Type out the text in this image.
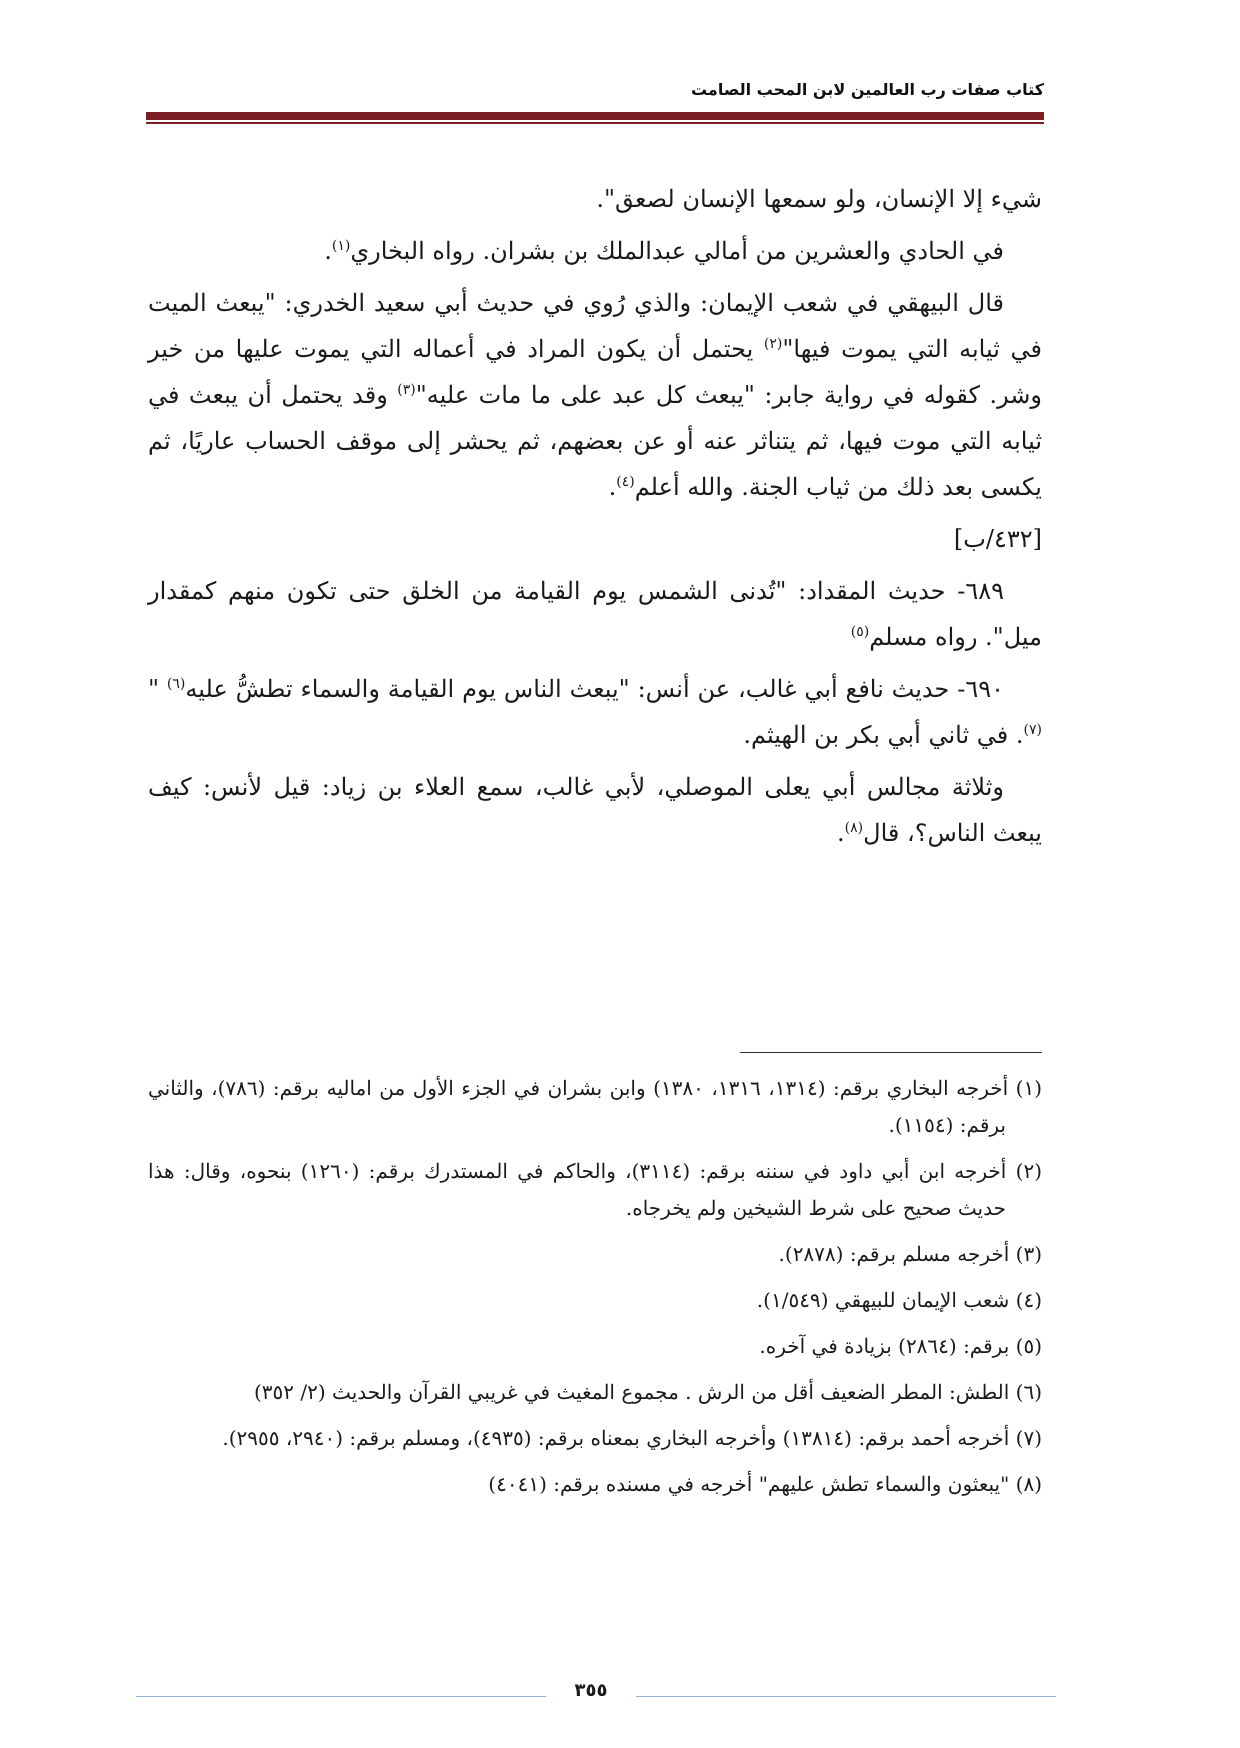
كتاب صفات رب العالمين لابن المحب الصامت

شيء إلا الإنسان، ولو سمعها الإنسان لصعق".

في الحادي والعشرين من أمالي عبدالملك بن بشران. رواه البخاري$^{(١)}$.

قال البيهقي في شعب الإيمان: والذي رُوي في حديث أبي سعيد الخدري: "يبعث الميت في ثيابه التي يموت فيها"$^{(٢)}$ يحتمل أن يكون المراد في أعماله التي يموت عليها من خير وشر. كقوله في رواية جابر: "يبعث كل عبد على ما مات عليه"$^{(٣)}$ وقد يحتمل أن يبعث في ثيابه التي موت فيها، ثم يتناثر عنه أو عن بعضهم، ثم يحشر إلى موقف الحساب عاريًا، ثم يكسى بعد ذلك من ثياب الجنة. والله أعلم$^{(٤)}$.

[٤٣٢/ب]

٦٨٩- حديث المقداد: "تُدنى الشمس يوم القيامة من الخلق حتى تكون منهم كمقدار ميل". رواه مسلم$^{(٥)}$

٦٩٠- حديث نافع أبي غالب، عن أنس: "يبعث الناس يوم القيامة والسماء تطشُّ عليه$^{(٦)}$ "$^{(٧)}$. في ثاني أبي بكر بن الهيثم.

وثلاثة مجالس أبي يعلى الموصلي، لأبي غالب، سمع العلاء بن زياد: قيل لأنس: كيف يبعث الناس؟، قال$^{(٨)}$.

(١) أخرجه البخاري برقم: (١٣١٤، ١٣١٦، ١٣٨٠) وابن بشران في الجزء الأول من اماليه برقم: (٧٨٦)، والثاني برقم: (١١٥٤).

(٢) أخرجه ابن أبي داود في سننه برقم: (٣١١٤)، والحاكم في المستدرك برقم: (١٢٦٠) بنحوه، وقال: هذا حديث صحيح على شرط الشيخين ولم يخرجاه.

(٣) أخرجه مسلم برقم: (٢٨٧٨).

(٤) شعب الإيمان للبيهقي (١/٥٤٩).

(٥) برقم: (٢٨٦٤) بزيادة في آخره.

(٦) الطش: المطر الضعيف أقل من الرش . مجموع المغيث في غريبي القرآن والحديث (٢/ ٣٥٢)

(٧) أخرجه أحمد برقم: (١٣٨١٤) وأخرجه البخاري بمعناه برقم: (٤٩٣٥)، ومسلم برقم: (٢٩٤٠، ٢٩٥٥).

(٨) "يبعثون والسماء تطش عليهم" أخرجه في مسنده برقم: (٤٠٤١)

٣٥٥
